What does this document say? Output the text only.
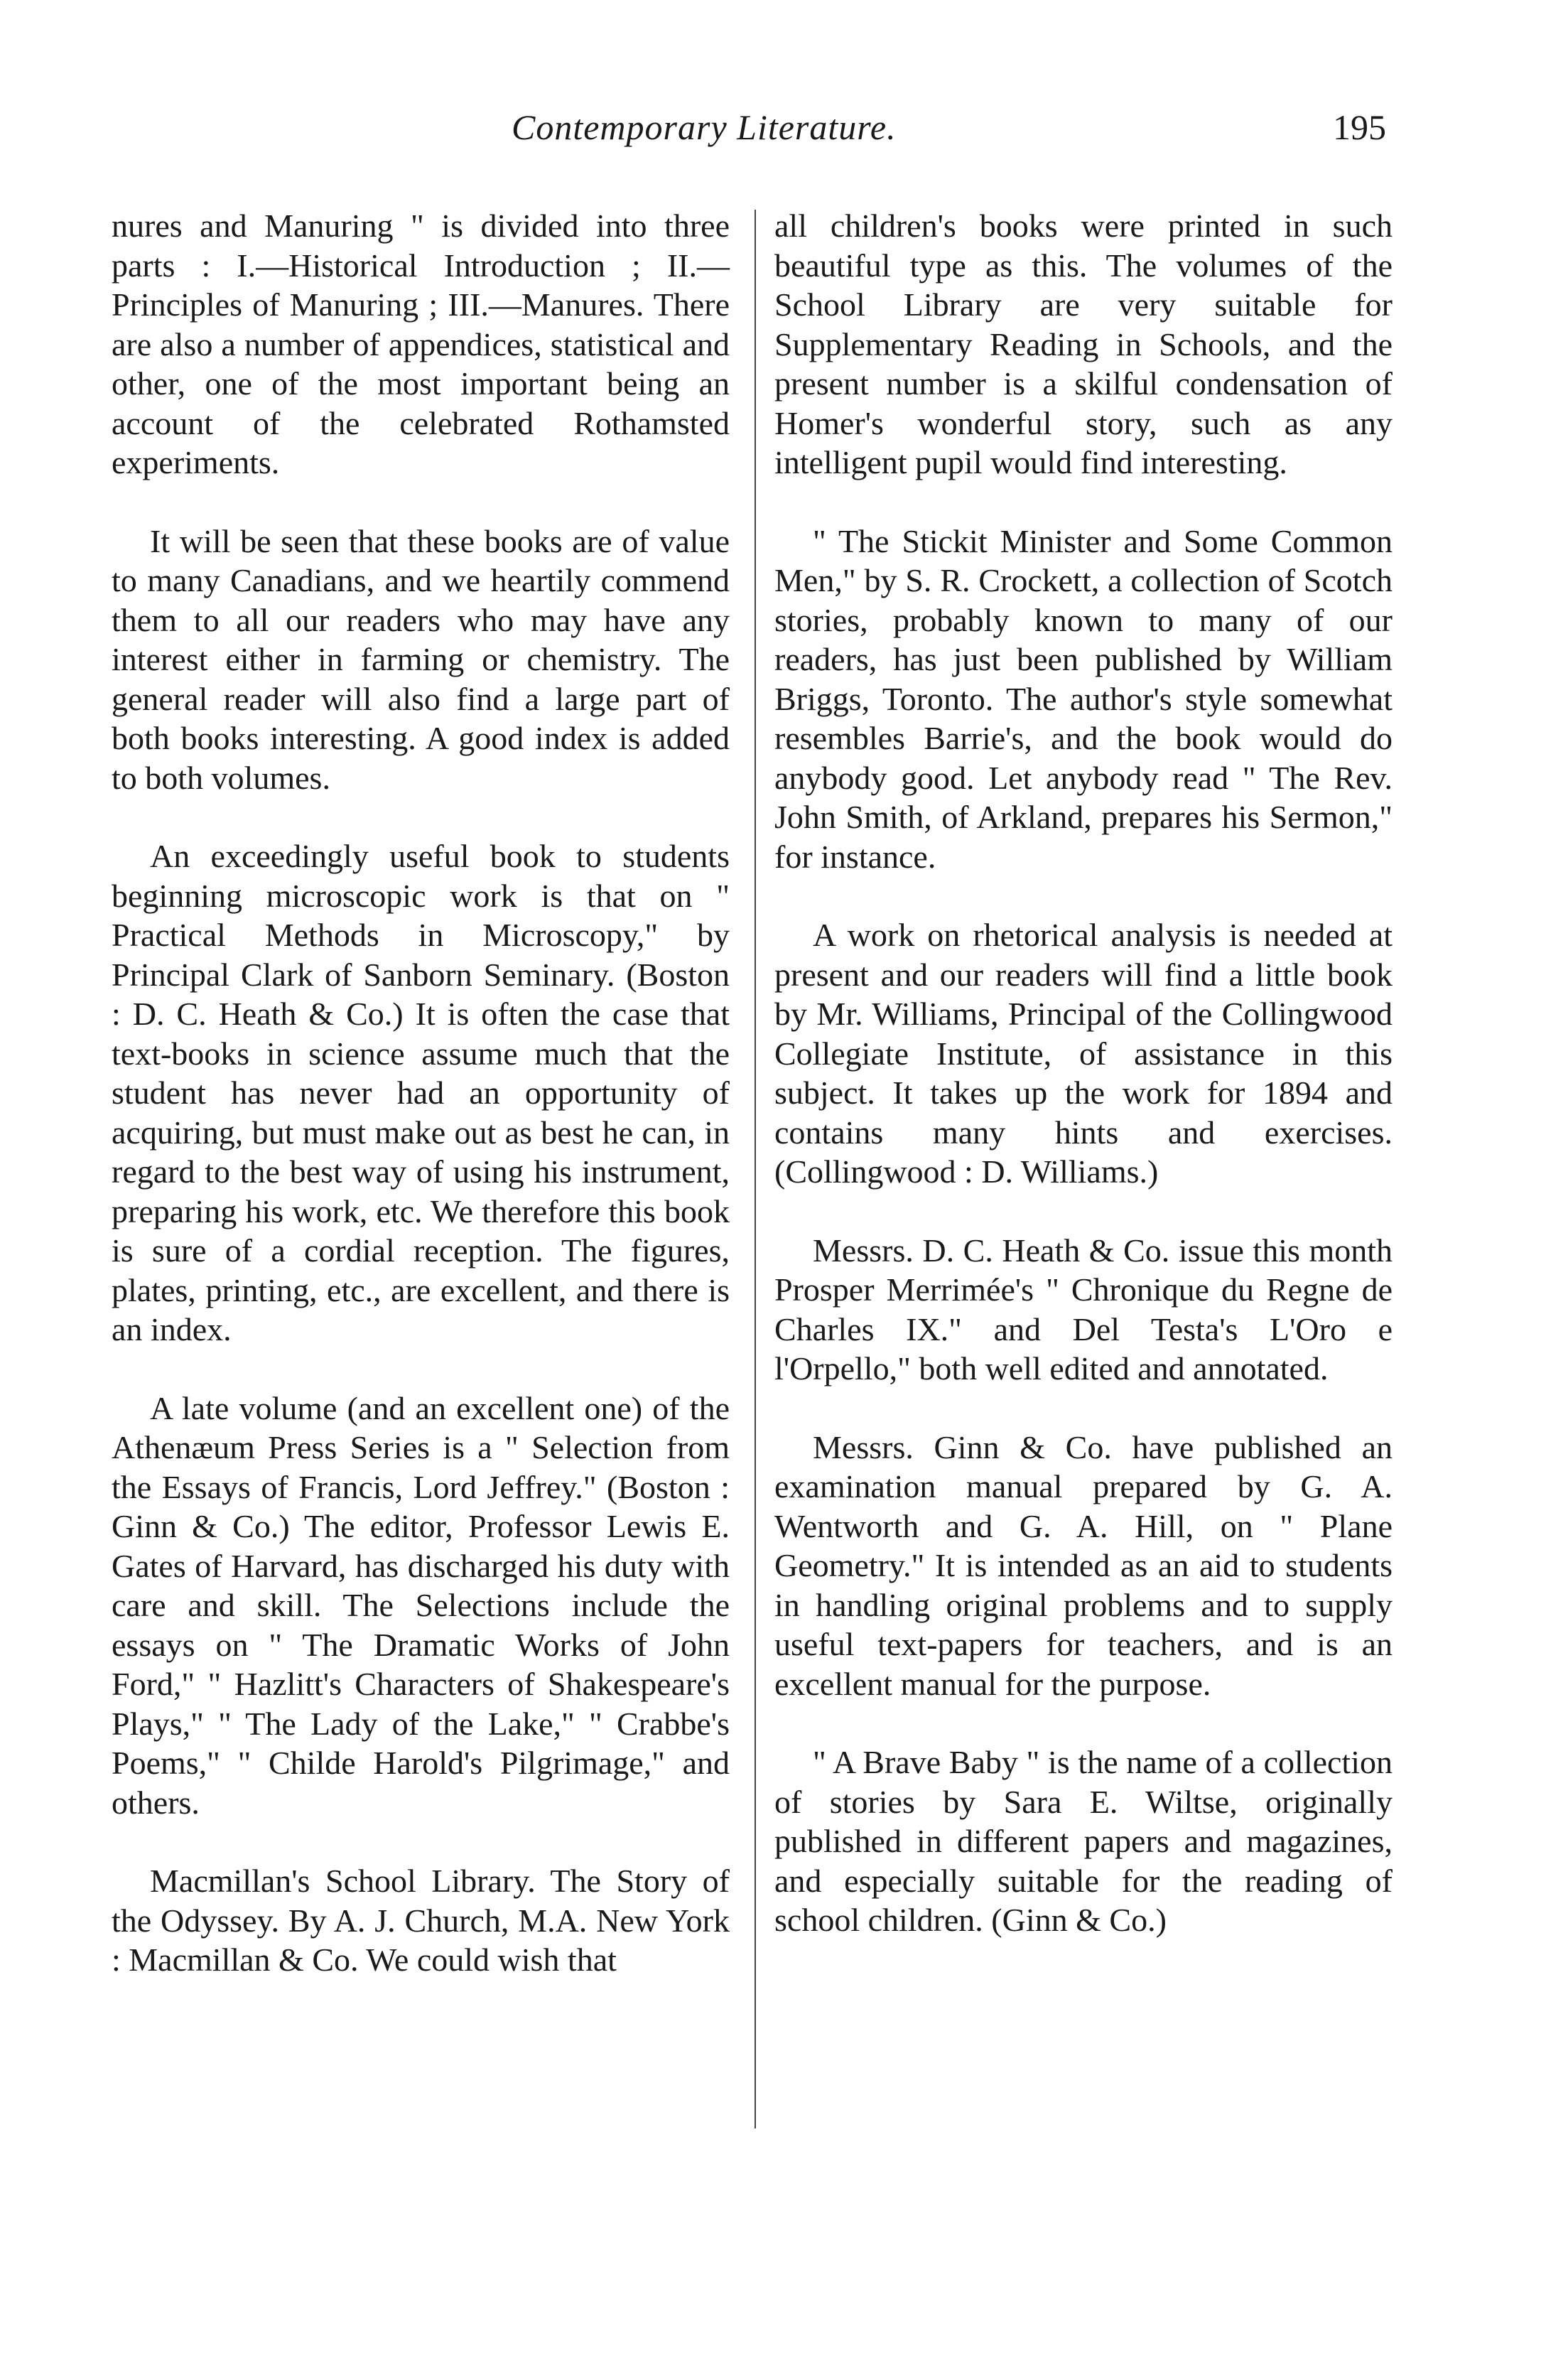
Contemporary Literature.	195

nures and Manuring " is divided into three parts : I.—Historical Introduction ; II.—Principles of Manuring ; III.—Manures. There are also a number of appendices, statistical and other, one of the most important being an account of the celebrated Rothamsted experiments.

It will be seen that these books are of value to many Canadians, and we heartily commend them to all our readers who may have any interest either in farming or chemistry. The general reader will also find a large part of both books interesting. A good index is added to both volumes.

An exceedingly useful book to students beginning microscopic work is that on " Practical Methods in Microscopy," by Principal Clark of Sanborn Seminary. (Boston : D. C. Heath & Co.) It is often the case that text-books in science assume much that the student has never had an opportunity of acquiring, but must make out as best he can, in regard to the best way of using his instrument, preparing his work, etc. We therefore this book is sure of a cordial reception. The figures, plates, printing, etc., are excellent, and there is an index.

A late volume (and an excellent one) of the Athenæum Press Series is a " Selection from the Essays of Francis, Lord Jeffrey." (Boston : Ginn & Co.) The editor, Professor Lewis E. Gates of Harvard, has discharged his duty with care and skill. The Selections include the essays on " The Dramatic Works of John Ford," " Hazlitt's Characters of Shakespeare's Plays," " The Lady of the Lake," " Crabbe's Poems," " Childe Harold's Pilgrimage," and others.

Macmillan's School Library. The Story of the Odyssey. By A. J. Church, M.A. New York : Macmillan & Co. We could wish that

all children's books were printed in such beautiful type as this. The volumes of the School Library are very suitable for Supplementary Reading in Schools, and the present number is a skilful condensation of Homer's wonderful story, such as any intelligent pupil would find interesting.

" The Stickit Minister and Some Common Men," by S. R. Crockett, a collection of Scotch stories, probably known to many of our readers, has just been published by William Briggs, Toronto. The author's style somewhat resembles Barrie's, and the book would do anybody good. Let anybody read " The Rev. John Smith, of Arkland, prepares his Sermon," for instance.

A work on rhetorical analysis is needed at present and our readers will find a little book by Mr. Williams, Principal of the Collingwood Collegiate Institute, of assistance in this subject. It takes up the work for 1894 and contains many hints and exercises. (Collingwood : D. Williams.)

Messrs. D. C. Heath & Co. issue this month Prosper Merrimée's " Chronique du Regne de Charles IX." and Del Testa's L'Oro e l'Orpello," both well edited and annotated.

Messrs. Ginn & Co. have published an examination manual prepared by G. A. Wentworth and G. A. Hill, on " Plane Geometry." It is intended as an aid to students in handling original problems and to supply useful text-papers for teachers, and is an excellent manual for the purpose.

" A Brave Baby " is the name of a collection of stories by Sara E. Wiltse, originally published in different papers and magazines, and especially suitable for the reading of school children. (Ginn & Co.)
